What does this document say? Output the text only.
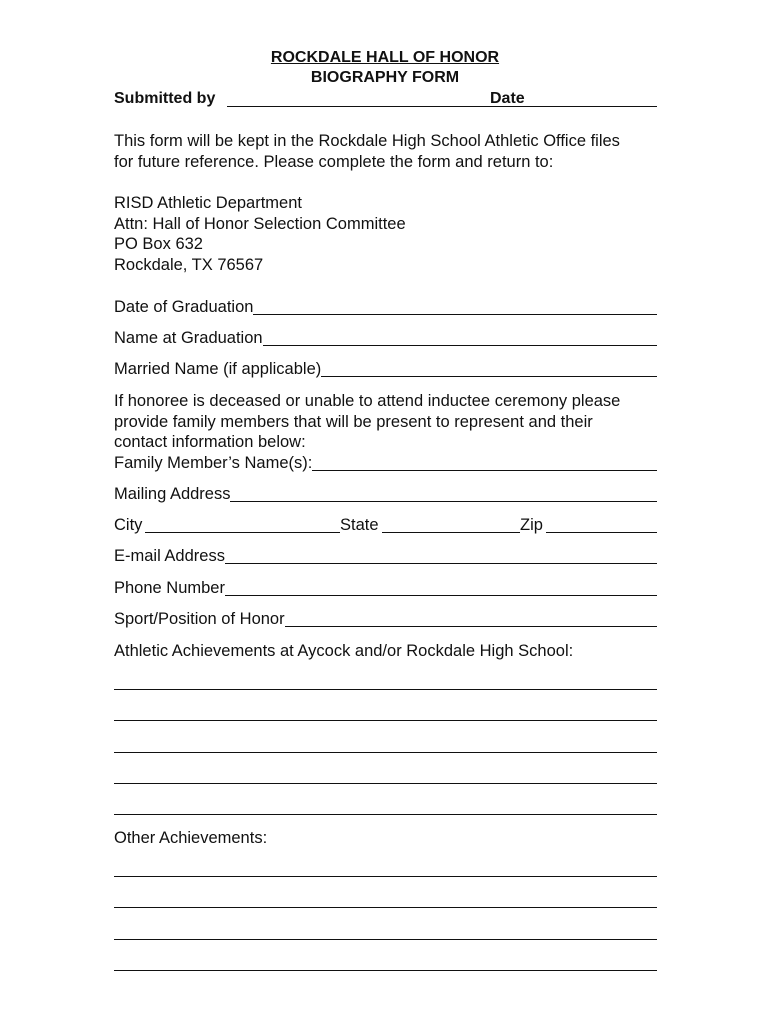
ROCKDALE HALL OF HONOR
BIOGRAPHY FORM
Submitted by	Date
This form will be kept in the Rockdale High School Athletic Office files
for future reference. Please complete the form and return to:
RISD Athletic Department
Attn: Hall of Honor Selection Committee
PO Box 632
Rockdale, TX 76567
Date of Graduation
Name at Graduation
Married Name (if applicable)
If honoree is deceased or unable to attend inductee ceremony please
provide family members that will be present to represent and their
contact information below:
Family Member’s Name(s):
Mailing Address
City	State	Zip
E-mail Address
Phone Number
Sport/Position of Honor
Athletic Achievements at Aycock and/or Rockdale High School:
Other Achievements:
